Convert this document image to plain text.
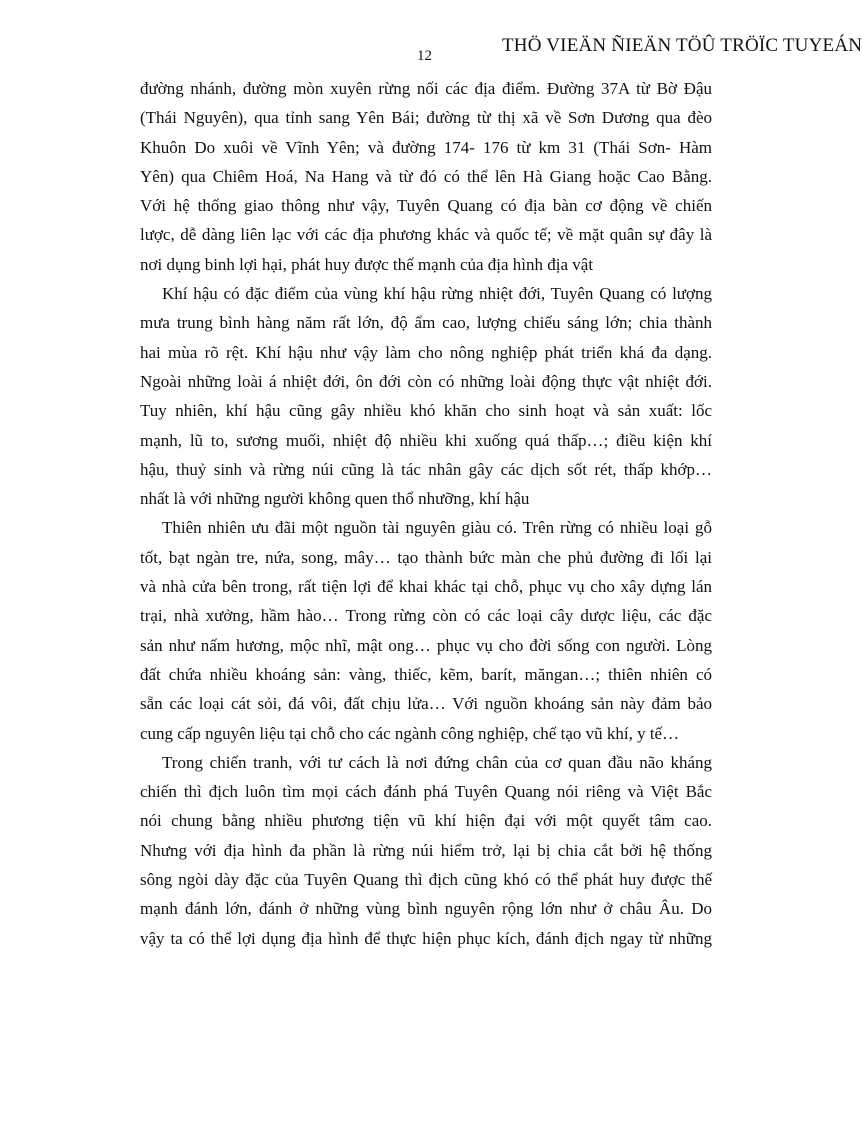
12	THÖ VIEÄN ÑIEÄN TÖÛ TRÖÏC TUYEÁN
đường nhánh, đường mòn xuyên rừng nối các địa điểm. Đường 37A từ Bờ Đậu
(Thái Nguyên), qua tỉnh sang Yên Bái; đường từ thị xã về Sơn Dương qua đèo
Khuôn Do xuôi về Vĩnh Yên; và đường 174- 176 từ km 31 (Thái Sơn- Hàm
Yên) qua Chiêm Hoá, Na Hang và từ đó có thể lên Hà Giang hoặc Cao Bằng.
Với hệ thống giao thông như vậy, Tuyên Quang có địa bàn cơ động về chiến
lược, dễ dàng liên lạc với các địa phương khác và quốc tế; về mặt quân sự đây là
nơi dụng binh lợi hại, phát huy được thế mạnh của địa hình địa vật
Khí hậu có đặc điểm của vùng khí hậu rừng nhiệt đới, Tuyên Quang có lượng
mưa trung bình hàng năm rất lớn, độ ẩm cao, lượng chiếu sáng lớn; chia thành
hai mùa rõ rệt. Khí hậu như vậy làm cho nông nghiệp phát triển khá đa dạng.
Ngoài những loài á nhiệt đới, ôn đới còn có những loài động thực vật nhiệt đới.
Tuy nhiên, khí hậu cũng gây nhiều khó khăn cho sinh hoạt và sản xuất: lốc
mạnh, lũ to, sương muối, nhiệt độ nhiều khi xuống quá thấp…; điều kiện khí
hậu, thuỷ sinh và rừng núi cũng là tác nhân gây các dịch sốt rét, thấp khớp…
nhất là với những người không quen thổ nhưỡng, khí hậu
Thiên nhiên ưu đãi một nguồn tài nguyên giàu có. Trên rừng có nhiều loại gỗ
tốt, bạt ngàn tre, nứa, song, mây… tạo thành bức màn che phủ đường đi lối lại
và nhà cửa bên trong, rất tiện lợi để khai khác tại chỗ, phục vụ cho xây dựng lán
trại, nhà xưởng, hầm hào… Trong rừng còn có các loại cây dược liệu, các đặc
sản như nấm hương, mộc nhĩ, mật ong… phục vụ cho đời sống con người. Lòng
đất chứa nhiều khoáng sản: vàng, thiếc, kẽm, barít, măngan…; thiên nhiên có
sẵn các loại cát sỏi, đá vôi, đất chịu lửa… Với nguồn khoáng sản này đảm bảo
cung cấp nguyên liệu tại chỗ cho các ngành công nghiệp, chế tạo vũ khí, y tế…
Trong chiến tranh, với tư cách là nơi đứng chân của cơ quan đầu não kháng
chiến thì địch luôn tìm mọi cách đánh phá Tuyên Quang nói riêng và Việt Bắc
nói chung bằng nhiều phương tiện vũ khí hiện đại với một quyết tâm cao.
Nhưng với địa hình đa phần là rừng núi hiểm trở, lại bị chia cắt bởi hệ thống
sông ngòi dày đặc của Tuyên Quang thì địch cũng khó có thể phát huy được thế
mạnh đánh lớn, đánh ở những vùng bình nguyên rộng lớn như ở châu Âu. Do
vậy ta có thể lợi dụng địa hình để thực hiện phục kích, đánh địch ngay từ những
